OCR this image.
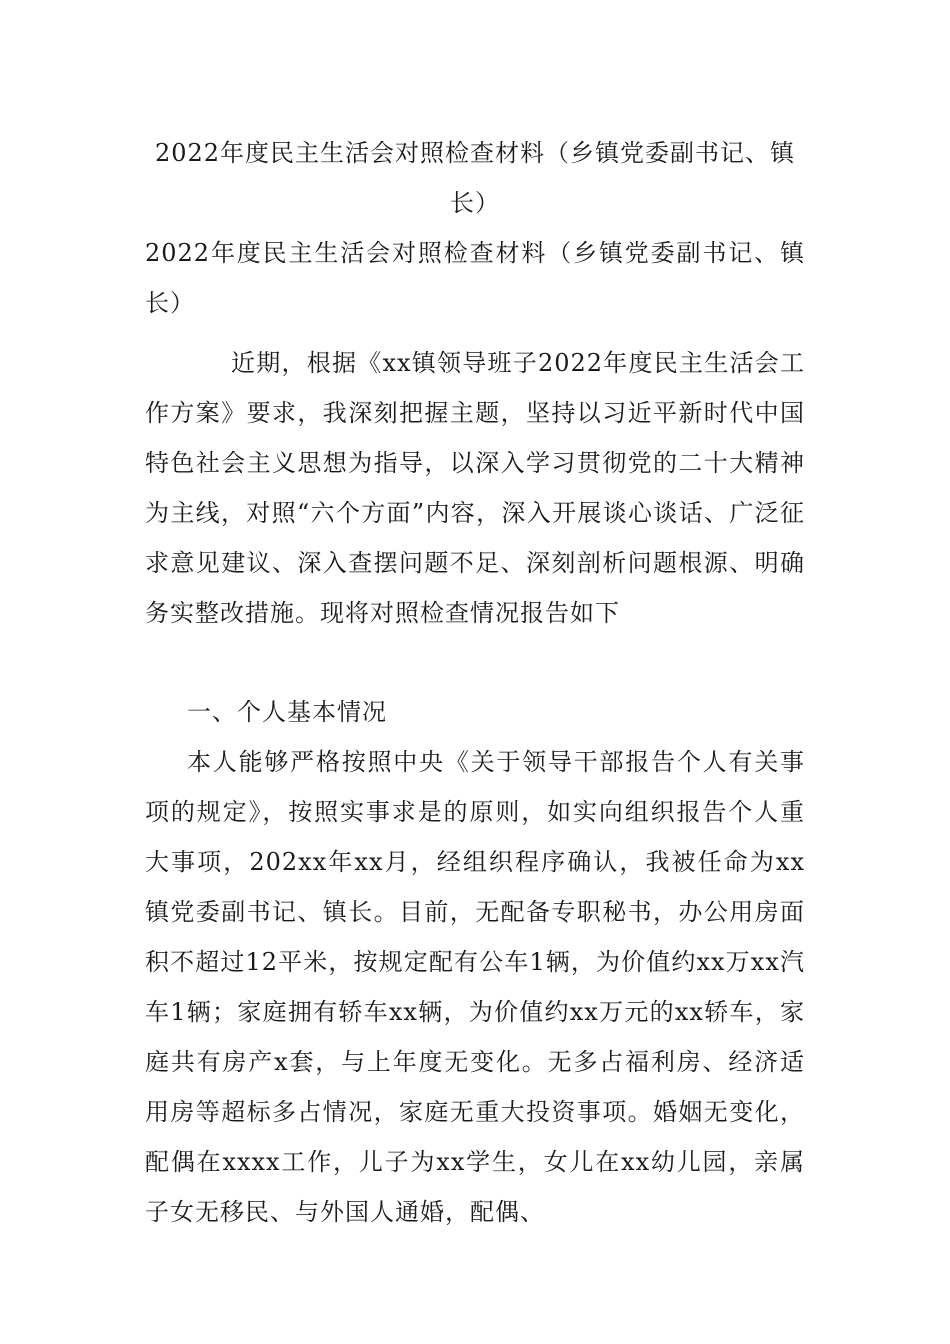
2022年度民主生活会对照检查材料（乡镇党委副书记、镇长）

2022年度民主生活会对照检查材料（乡镇党委副书记、镇长）

近期，根据《xx镇领导班子2022年度民主生活会工作方案》要求，我深刻把握主题，坚持以习近平新时代中国特色社会主义思想为指导，以深入学习贯彻党的二十大精神为主线，对照“六个方面”内容，深入开展谈心谈话、广泛征求意见建议、深入查摆问题不足、深刻剖析问题根源、明确务实整改措施。现将对照检查情况报告如下

一、个人基本情况

本人能够严格按照中央《关于领导干部报告个人有关事项的规定》，按照实事求是的原则，如实向组织报告个人重大事项，202xx年xx月，经组织程序确认，我被任命为xx镇党委副书记、镇长。目前，无配备专职秘书，办公用房面积不超过12平米，按规定配有公车1辆，为价值约xx万xx汽车1辆；家庭拥有轿车xx辆，为价值约xx万元的xx轿车，家庭共有房产x套，与上年度无变化。无多占福利房、经济适用房等超标多占情况，家庭无重大投资事项。婚姻无变化，配偶在xxxx工作，儿子为xx学生，女儿在xx幼儿园，亲属子女无移民、与外国人通婚，配偶、
